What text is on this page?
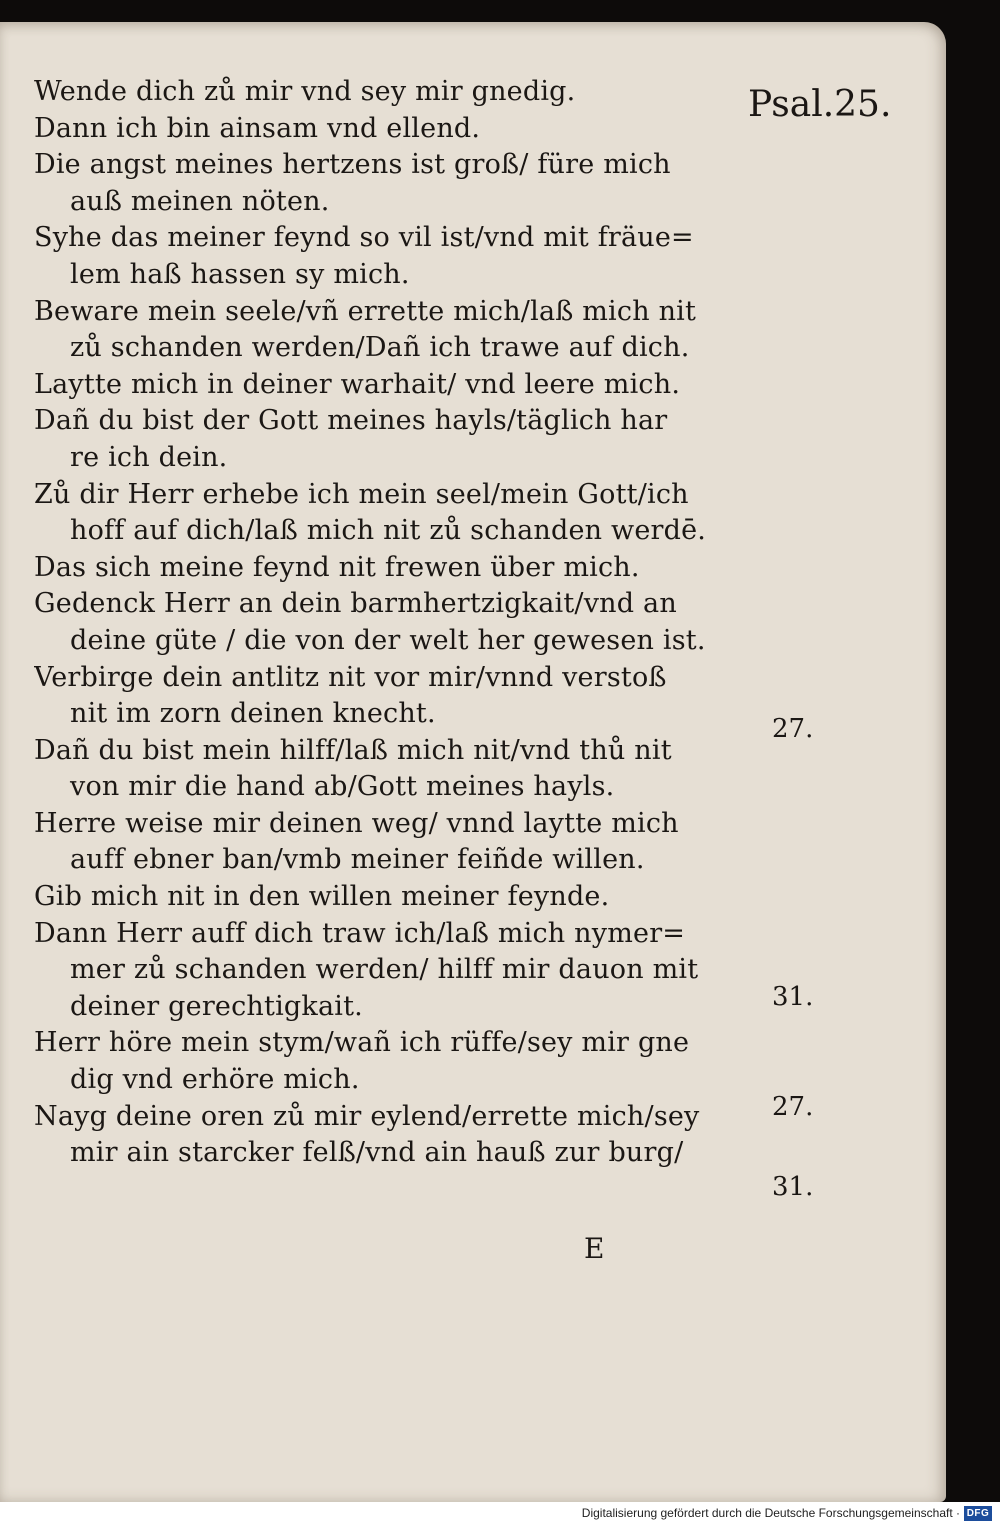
Psal.25.

Wende dich zů mir vnd sey mir gnedig.

Dann ich bin ainsam vnd ellend.

Die angst meines hertzens ist groß/ füre mich
auß meinen nöten.

Syhe das meiner feynd so vil ist/vnd mit fräue=
lem haß hassen sy mich.

Beware mein seele/vñ errette mich/laß mich nit
zů schanden werden/Dañ ich trawe auf dich.

Laytte mich in deiner warhait/ vnd leere mich.

Dañ du bist der Gott meines hayls/täglich har
re ich dein.

Zů dir Herr erhebe ich mein seel/mein Gott/ich
hoff auf dich/laß mich nit zů schanden werdē.

Das sich meine feynd nit frewen über mich.

Gedenck Herr an dein barmhertzigkait/vnd an
deine güte / die von der welt her gewesen ist.

Verbirge dein antlitz nit vor mir/vnnd verstoß
nit im zorn deinen knecht.

Dañ du bist mein hilff/laß mich nit/vnd thů nit
von mir die hand ab/Gott meines hayls.

Herre weise mir deinen weg/ vnnd laytte mich
auff ebner ban/vmb meiner feiñde willen.

Gib mich nit in den willen meiner feynde.

Dann Herr auff dich traw ich/laß mich nymer=
mer zů schanden werden/ hilff mir dauon mit
deiner gerechtigkait.

Herr höre mein stym/wañ ich rüffe/sey mir gne
dig vnd erhöre mich.

Nayg deine oren zů mir eylend/errette mich/sey
mir ain starcker felß/vnd ain hauß zur burg/

27.
31.
27.
31.
E
Digitalisierung gefördert durch die Deutsche Forschungsgemeinschaft · DFG
